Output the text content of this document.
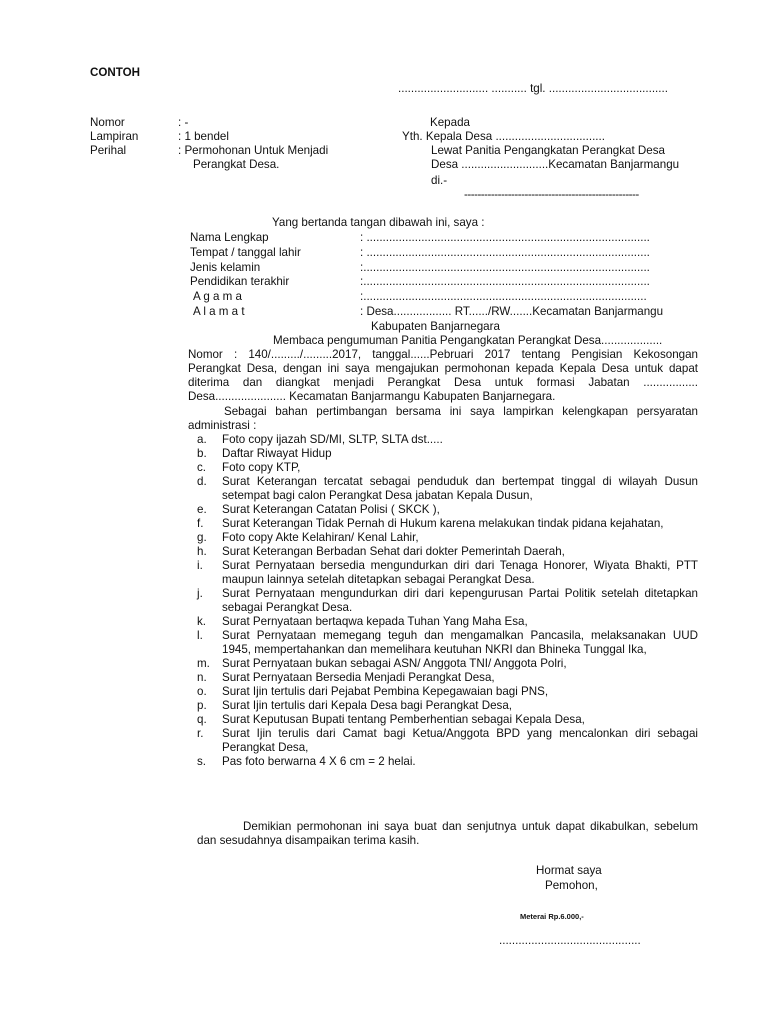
CONTOH
............................ ........... tgl. .....................................
Nomor	: -
Lampiran	: 1 bendel
Perihal	: Permohonan Untuk Menjadi
Perangkat Desa.
Kepada
Yth. Kepala Desa ..................................
Lewat Panitia Pengangkatan Perangkat Desa
Desa ...........................Kecamatan Banjarmangu
di.-
----------------------------------------------------
Yang bertanda tangan dibawah ini, saya :
Nama Lengkap	: ........................................................................................
Tempat / tanggal lahir	: ........................................................................................
Jenis kelamin	:.........................................................................................
Pendidikan terakhir	:.........................................................................................
A g a m a	:........................................................................................
A l a m a t	: Desa.................. RT....../RW.......Kecamatan Banjarmangu
Kabupaten Banjarnegara
Membaca pengumuman Panitia Pengangkatan Perangkat Desa...................
Nomor : 140/........./.........2017, tanggal......Pebruari 2017 tentang Pengisian Kekosongan Perangkat Desa, dengan ini saya mengajukan permohonan kepada Kepala Desa untuk dapat diterima dan diangkat menjadi Perangkat Desa untuk formasi Jabatan ................. Desa...................... Kecamatan Banjarmangu Kabupaten Banjarnegara.
Sebagai bahan pertimbangan bersama ini saya lampirkan kelengkapan persyaratan administrasi :
a.	Foto copy ijazah SD/MI, SLTP, SLTA dst.....
b.	Daftar Riwayat Hidup
c.	Foto copy KTP,
d.	Surat Keterangan tercatat sebagai penduduk dan bertempat tinggal di wilayah Dusun setempat bagi calon Perangkat Desa jabatan Kepala Dusun,
e.	Surat Keterangan Catatan Polisi ( SKCK ),
f.	Surat Keterangan Tidak Pernah di Hukum karena melakukan tindak pidana kejahatan,
g.	Foto copy Akte Kelahiran/ Kenal Lahir,
h.	Surat Keterangan Berbadan Sehat dari dokter Pemerintah Daerah,
i.	Surat Pernyataan bersedia mengundurkan diri dari Tenaga Honorer, Wiyata Bhakti, PTT maupun lainnya setelah ditetapkan sebagai Perangkat Desa.
j.	Surat Pernyataan mengundurkan diri dari kepengurusan Partai Politik setelah ditetapkan sebagai Perangkat Desa.
k.	Surat Pernyataan bertaqwa kepada Tuhan Yang Maha Esa,
l.	Surat Pernyataan memegang teguh dan mengamalkan Pancasila, melaksanakan UUD 1945, mempertahankan dan memelihara keutuhan NKRI dan Bhineka Tunggal Ika,
m.	Surat Pernyataan bukan sebagai ASN/ Anggota TNI/ Anggota Polri,
n.	Surat Pernyataan Bersedia Menjadi Perangkat Desa,
o.	Surat Ijin tertulis dari Pejabat Pembina Kepegawaian bagi PNS,
p.	Surat Ijin tertulis dari Kepala Desa bagi Perangkat Desa,
q.	Surat Keputusan Bupati tentang Pemberhentian sebagai Kepala Desa,
r.	Surat Ijin terulis dari Camat bagi Ketua/Anggota BPD yang mencalonkan diri sebagai Perangkat Desa,
s.	Pas foto berwarna 4 X 6 cm = 2 helai.
Demikian permohonan ini saya buat dan senjutnya untuk dapat dikabulkan, sebelum dan sesudahnya disampaikan terima kasih.
Hormat saya
Pemohon,
Meterai Rp.6.000,-
............................................
